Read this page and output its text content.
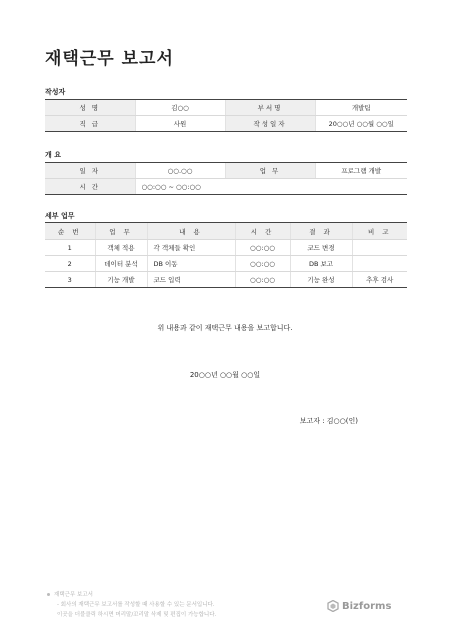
재택근무 보고서
작성자
성 명	김○○	부서명	개발팀
직 급	사원	작성일자	20○○년 ○○월 ○○일
개 요
일 자	○○.○○	업 무	프로그램 개발
시 간	○○:○○ ~ ○○:○○		
세부 업무
순 번	업 무	내 용	시 간	결 과	비 고
1	객체 적용	각 객체들 확인	○○:○○	코드 변경	
2	데이터 분석	DB 이동	○○:○○	DB 보고	
3	기능 개발	코드 입력	○○:○○	기능 완성	추후 검사
위 내용과 같이 재택근무 내용을 보고합니다.
20○○년 ○○월 ○○일
보고자 : 김○○(인)
재택근무 보고서
- 회사의 재택근무 보고서를 작성할 때 사용할 수 있는 문서입니다.
이곳을 더블클릭 하시면 머리말/꼬리말 삭제 및 편집이 가능합니다.
Bizforms
